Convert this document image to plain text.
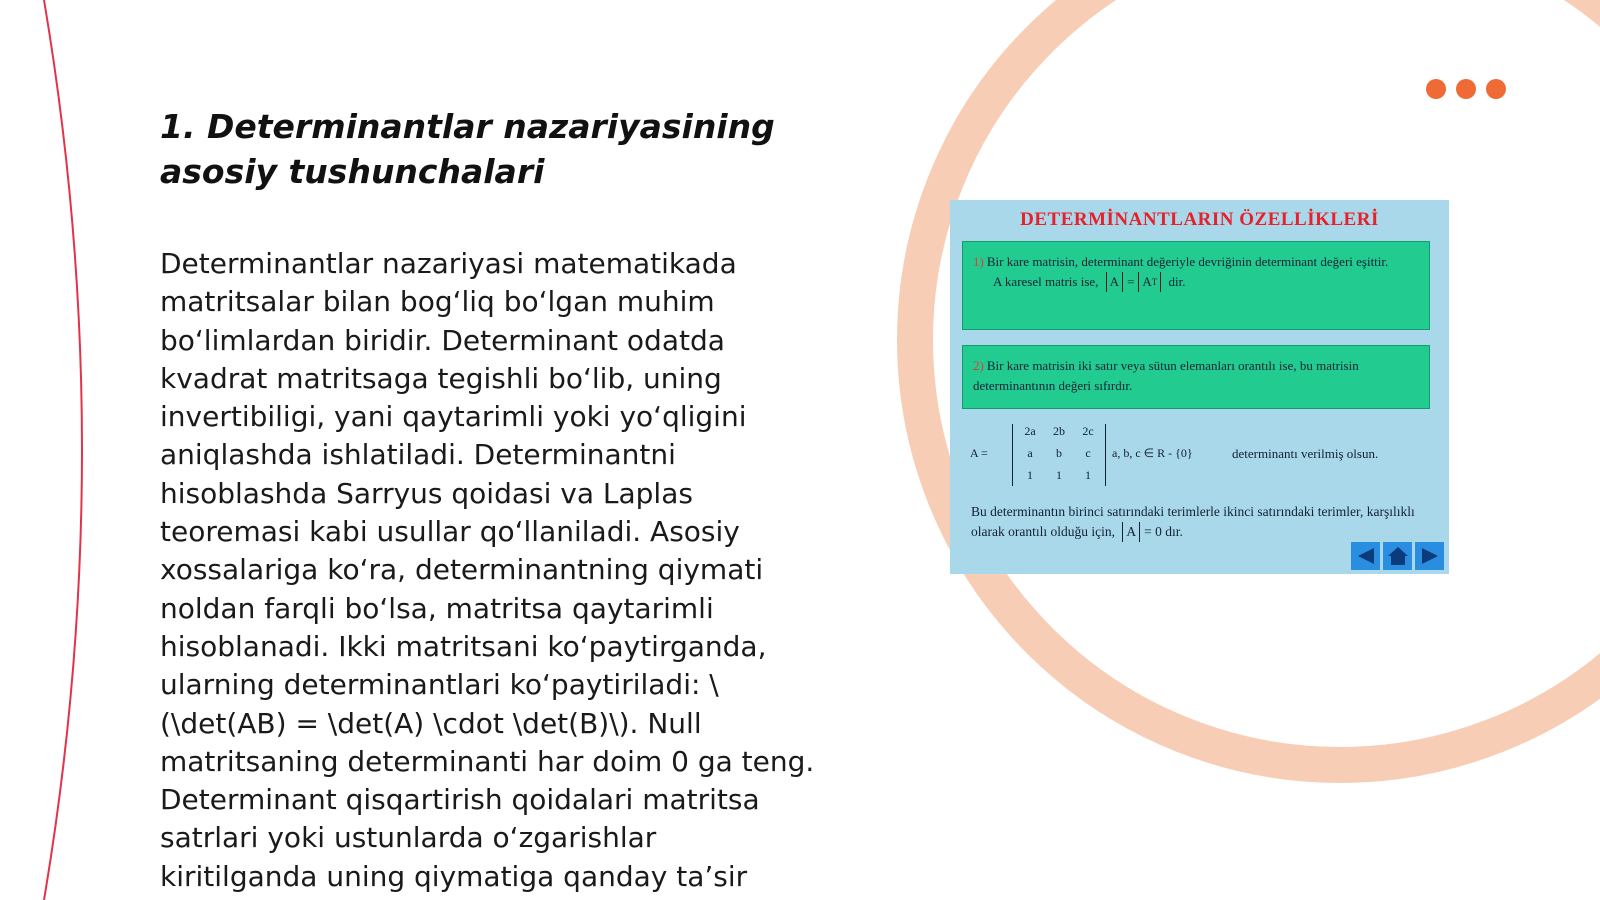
1. Determinantlar nazariyasining asosiy tushunchalari

Determinantlar nazariyasi matematikada matritsalar bilan bog‘liq bo‘lgan muhim bo‘limlardan biridir. Determinant odatda kvadrat matritsaga tegishli bo‘lib, uning invertibiligi, yani qaytarimli yoki yo‘qligini aniqlashda ishlatiladi. Determinantni hisoblashda Sarryus qoidasi va Laplas teoremasi kabi usullar qo‘llaniladi. Asosiy xossalariga ko‘ra, determinantning qiymati noldan farqli bo‘lsa, matritsa qaytarimli hisoblanadi. Ikki matritsani ko‘paytirganda, ularning determinantlari ko‘paytiriladi: \(\det(AB) = \det(A) \cdot \det(B)\). Null matritsaning determinanti har doim 0 ga teng. Determinant qisqartirish qoidalari matritsa satrlari yoki ustunlarda o‘zgarishlar kiritilganda uning qiymatiga qanday ta’sir

DETERMİNANTLARIN ÖZELLİKLERİ
1) Bir kare matrisin, determinant değeriyle devriğinin determinant değeri eşittir.
A karesel matris ise, $A = A^T$ dir.
2) Bir kare matrisin iki satır veya sütun elemanları orantılı ise, bu matrisin determinantının değeri sıfırdır.
A =
2a	2b	2c
a	b	c
1	1	1
a, b, c ∈ R - {0}	determinantı verilmiş olsun.
Bu determinantın birinci satırındaki terimlerle ikinci satırındaki terimler, karşılıklı olarak orantılı olduğu için, A = 0 dır.
